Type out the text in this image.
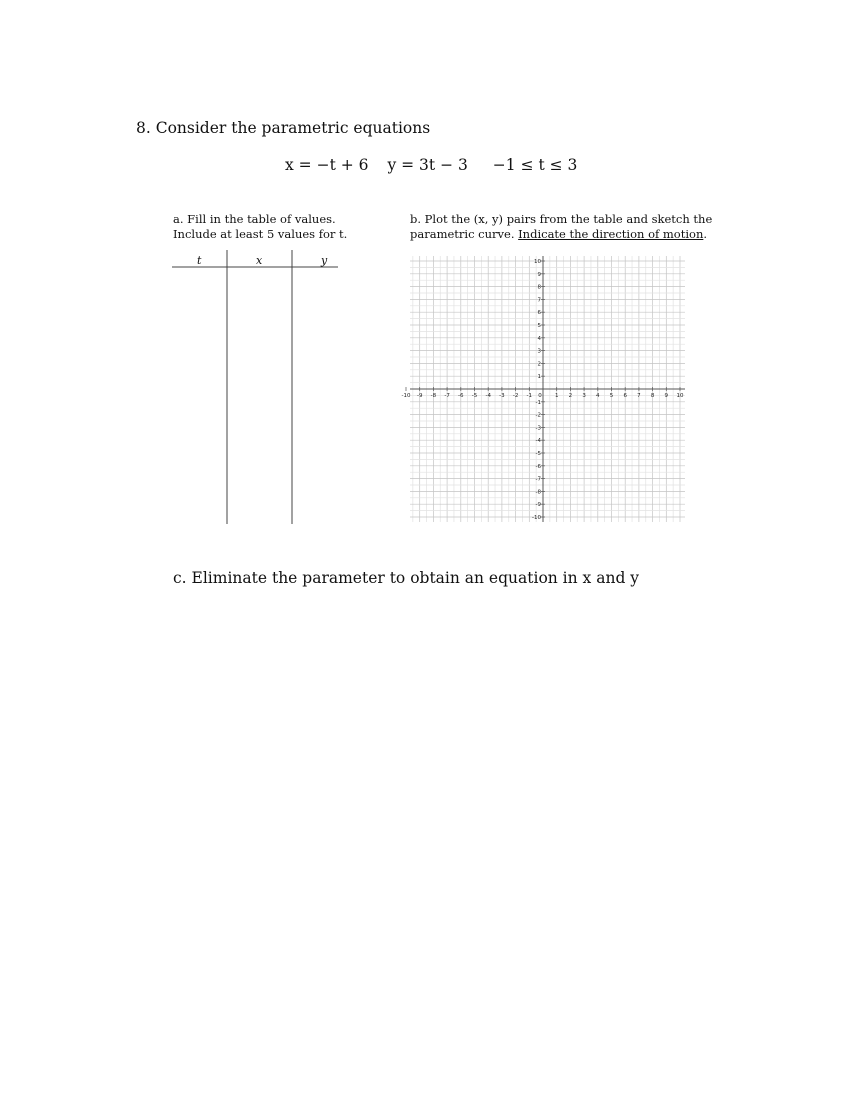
8. Consider the parametric equations
x = −t + 6 y = 3t − 3 −1 ≤ t ≤ 3
a. Fill in the table of values.
Include at least 5 values for t.
b. Plot the (x, y) pairs from the table and sketch the
parametric curve. Indicate the direction of motion.
t	x	y
-10 -9 -8 -7 -6 -5 -4 -3 -2 -1 0 1 2 3 4 5 6 7 8 9 10
-10
-9
-8
-7
-6
-5
-4
-3
-2
-1
1
2
3
4
5
6
7
8
9
10
c. Eliminate the parameter to obtain an equation in x and y
